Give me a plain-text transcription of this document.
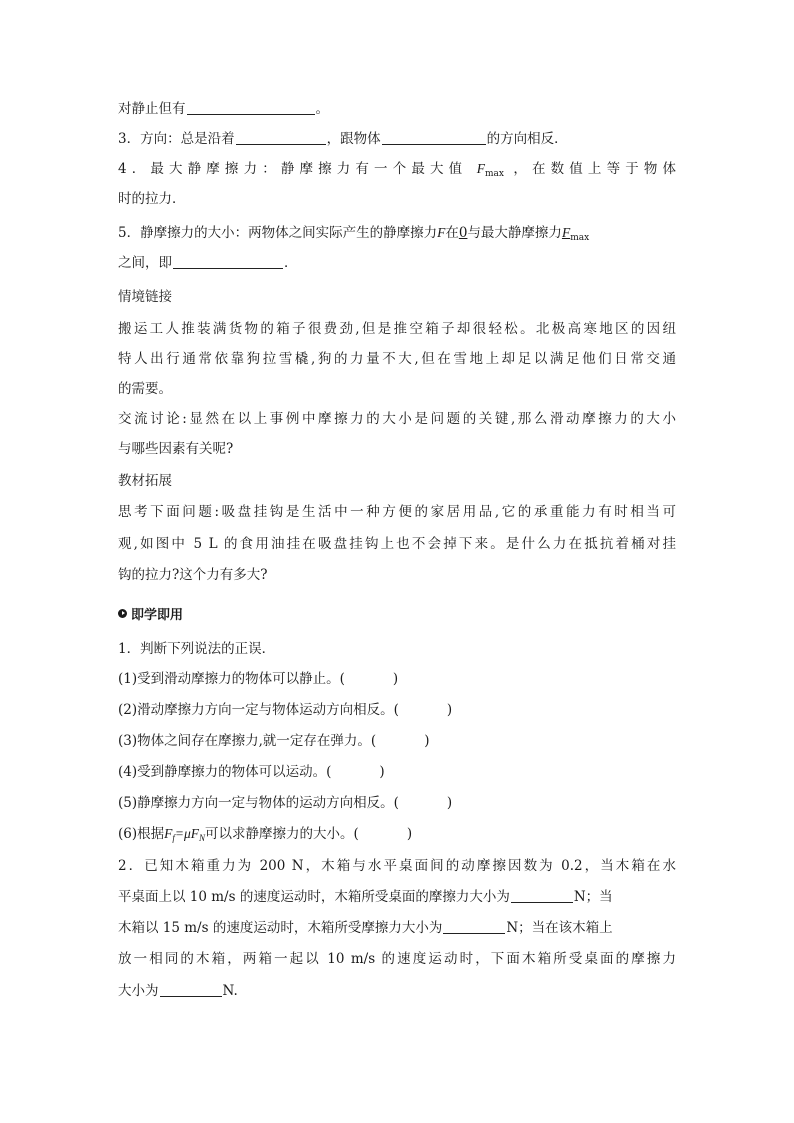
对静止但有	。
3．方向：总是沿着	，跟物体	的方向相反．
4．最大静摩擦力：静摩擦力有一个最大值 $F_{max}$ ，在数值上等于物体
时的拉力．
5．静摩擦力的大小：两物体之间实际产生的静摩擦力F在0与最大静摩擦力$F_{max}$
之间，即	．
情境链接
搬运工人推装满货物的箱子很费劲,但是推空箱子却很轻松。北极高寒地区的因纽
特人出行通常依靠狗拉雪橇,狗的力量不大,但在雪地上却足以满足他们日常交通
的需要。
交流讨论:显然在以上事例中摩擦力的大小是问题的关键,那么滑动摩擦力的大小
与哪些因素有关呢?
教材拓展
思考下面问题:吸盘挂钩是生活中一种方便的家居用品,它的承重能力有时相当可
观,如图中 5 L 的食用油挂在吸盘挂钩上也不会掉下来。是什么力在抵抗着桶对挂
钩的拉力?这个力有多大?
即学即用
1．判断下列说法的正误．
(1)受到滑动摩擦力的物体可以静止。(	)
(2)滑动摩擦力方向一定与物体运动方向相反。(	)
(3)物体之间存在摩擦力,就一定存在弹力。(	)
(4)受到静摩擦力的物体可以运动。(	)
(5)静摩擦力方向一定与物体的运动方向相反。(	)
(6)根据$F_f=\mu F_N$可以求静摩擦力的大小。(	)
2．已知木箱重力为 200 N，木箱与水平桌面间的动摩擦因数为 0.2，当木箱在水
平桌面上以 10 m/s 的速度运动时，木箱所受桌面的摩擦力大小为	N；当
木箱以 15 m/s 的速度运动时，木箱所受摩擦力大小为	N；当在该木箱上
放一相同的木箱，两箱一起以 10 m/s 的速度运动时，下面木箱所受桌面的摩擦力
大小为	N.
